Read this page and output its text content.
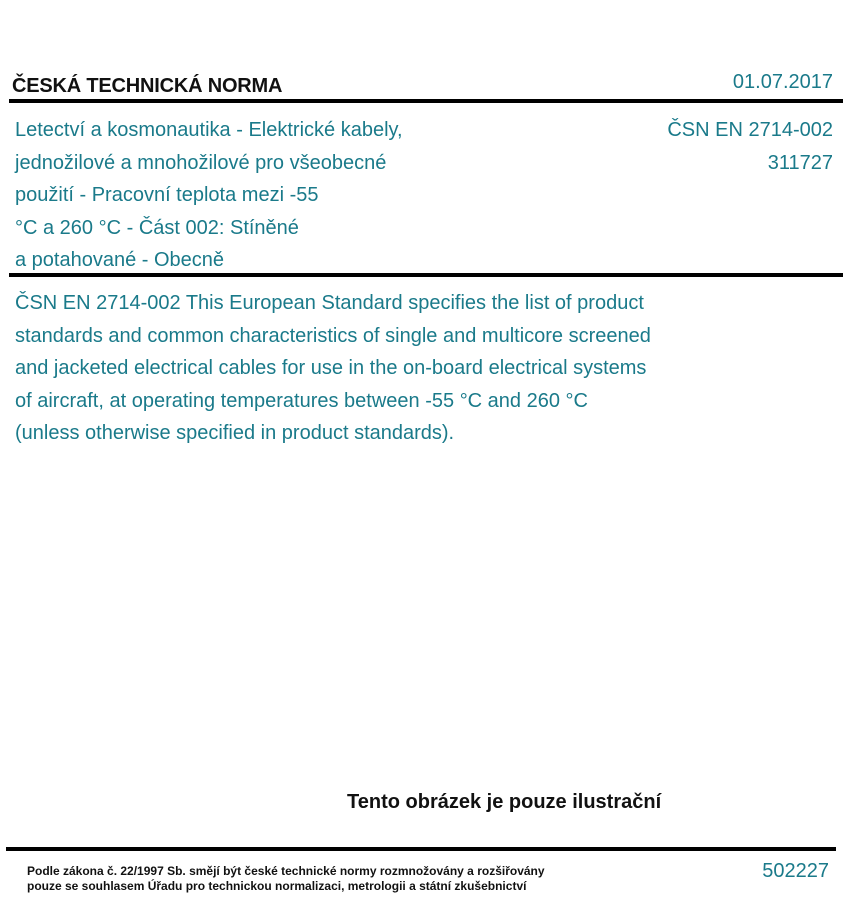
ČESKÁ TECHNICKÁ NORMA	01.07.2017
Letectví a kosmonautika - Elektrické kabely,
jednožilové a mnohožilové pro všeobecné
použití - Pracovní teplota mezi -55
°C a 260 °C - Část 002: Stíněné
a potahované - Obecně
ČSN EN 2714-002
311727
ČSN EN 2714-002 This European Standard specifies the list of product
standards and common characteristics of single and multicore screened
and jacketed electrical cables for use in the on-board electrical systems
of aircraft, at operating temperatures between -55 °C and 260 °C
(unless otherwise specified in product standards).
Tento obrázek je pouze ilustrační
Podle zákona č. 22/1997 Sb. smějí být české technické normy rozmnožovány a rozšiřovány
pouze se souhlasem Úřadu pro technickou normalizaci, metrologii a státní zkušebnictví
502227
